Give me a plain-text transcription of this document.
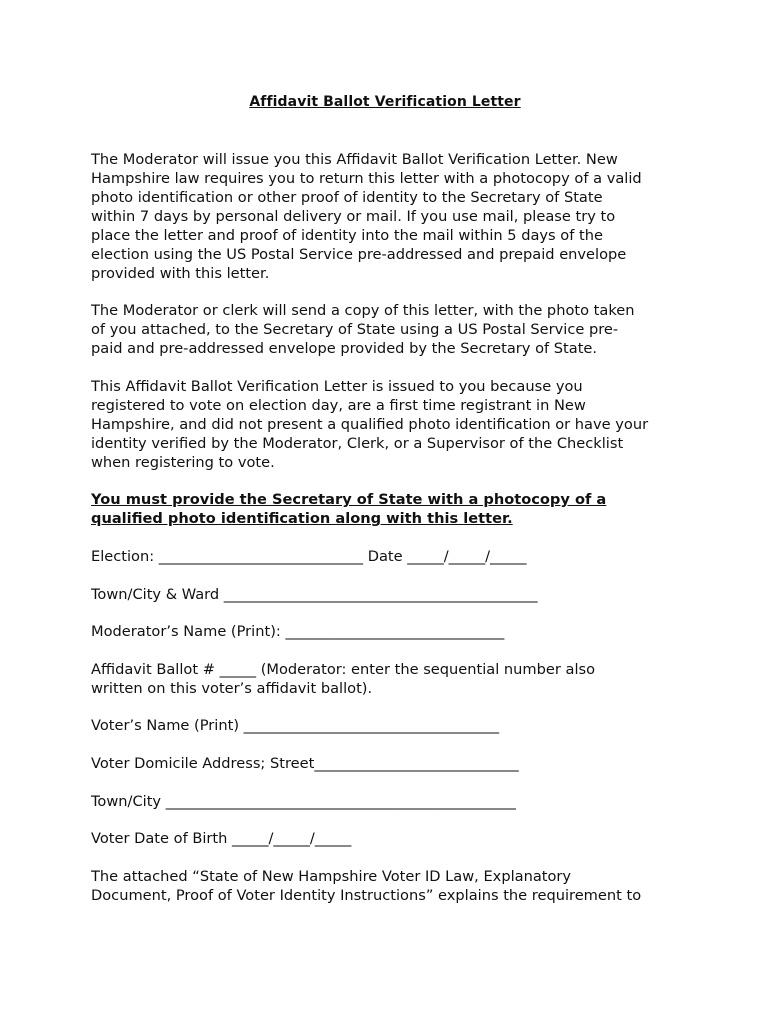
Affidavit Ballot Verification Letter
The Moderator will issue you this Affidavit Ballot Verification Letter. New
Hampshire law requires you to return this letter with a photocopy of a valid
photo identification or other proof of identity to the Secretary of State
within 7 days by personal delivery or mail. If you use mail, please try to
place the letter and proof of identity into the mail within 5 days of the
election using the US Postal Service pre-addressed and prepaid envelope
provided with this letter.
The Moderator or clerk will send a copy of this letter, with the photo taken
of you attached, to the Secretary of State using a US Postal Service pre-
paid and pre-addressed envelope provided by the Secretary of State.
This Affidavit Ballot Verification Letter is issued to you because you
registered to vote on election day, are a first time registrant in New
Hampshire, and did not present a qualified photo identification or have your
identity verified by the Moderator, Clerk, or a Supervisor of the Checklist
when registering to vote.
You must provide the Secretary of State with a photocopy of a
qualified photo identification along with this letter.
Election: ____________________________ Date _____/_____/_____
Town/City & Ward ___________________________________________
Moderator’s Name (Print): ______________________________
Affidavit Ballot # _____ (Moderator: enter the sequential number also
written on this voter’s affidavit ballot).
Voter’s Name (Print) ___________________________________
Voter Domicile Address; Street____________________________
Town/City ________________________________________________
Voter Date of Birth _____/_____/_____
The attached “State of New Hampshire Voter ID Law, Explanatory
Document, Proof of Voter Identity Instructions” explains the requirement to
